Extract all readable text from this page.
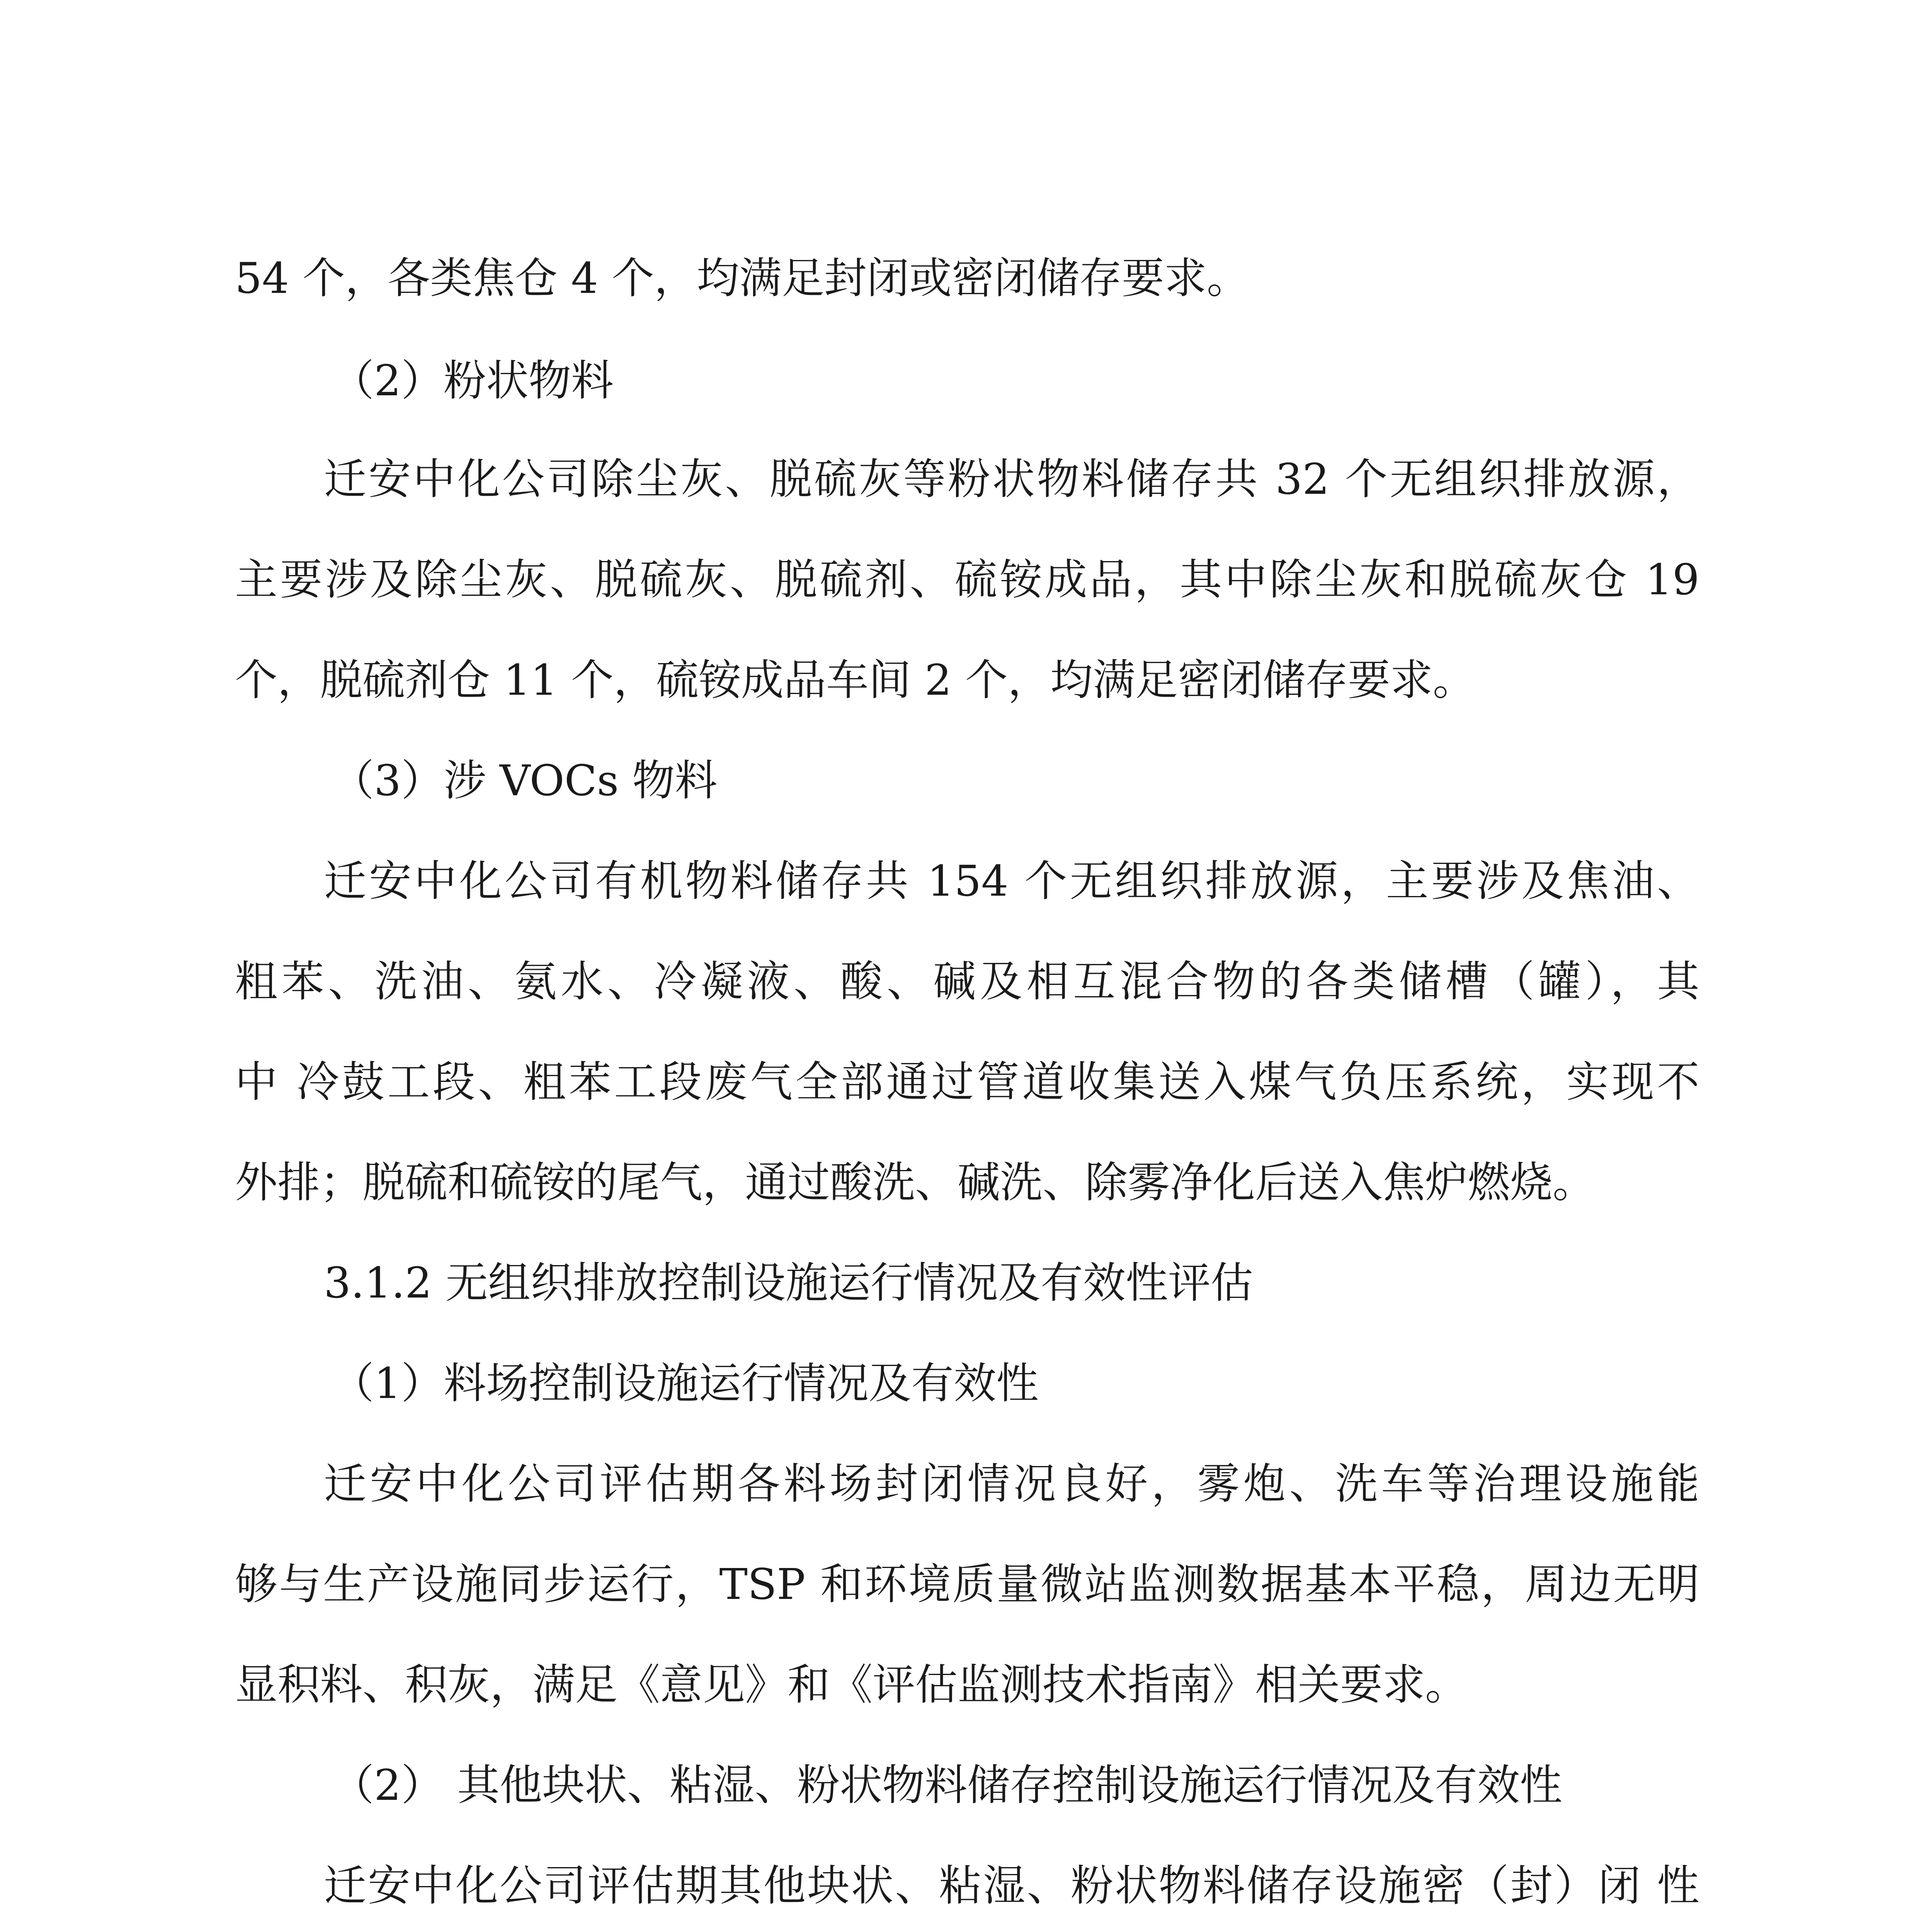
54 个，各类焦仓 4 个，均满足封闭或密闭储存要求。
（2）粉状物料
迁安中化公司除尘灰、脱硫灰等粉状物料储存共 32 个无组织排放源，
主要涉及除尘灰、脱硫灰、脱硫剂、硫铵成品，其中除尘灰和脱硫灰仓 19
个，脱硫剂仓 11 个，硫铵成品车间 2 个，均满足密闭储存要求。
（3）涉 VOCs 物料
迁安中化公司有机物料储存共 154 个无组织排放源，主要涉及焦油、
粗苯、洗油、氨水、冷凝液、酸、碱及相互混合物的各类储槽（罐），其
中 冷鼓工段、粗苯工段废气全部通过管道收集送入煤气负压系统，实现不
外排；脱硫和硫铵的尾气，通过酸洗、碱洗、除雾净化后送入焦炉燃烧。
3.1.2 无组织排放控制设施运行情况及有效性评估
（1）料场控制设施运行情况及有效性
迁安中化公司评估期各料场封闭情况良好，雾炮、洗车等治理设施能
够与生产设施同步运行，TSP 和环境质量微站监测数据基本平稳，周边无明
显积料、积灰，满足《意见》和《评估监测技术指南》相关要求。
（2） 其他块状、粘湿、粉状物料储存控制设施运行情况及有效性
迁安中化公司评估期其他块状、粘湿、粉状物料储存设施密（封）闭 性
